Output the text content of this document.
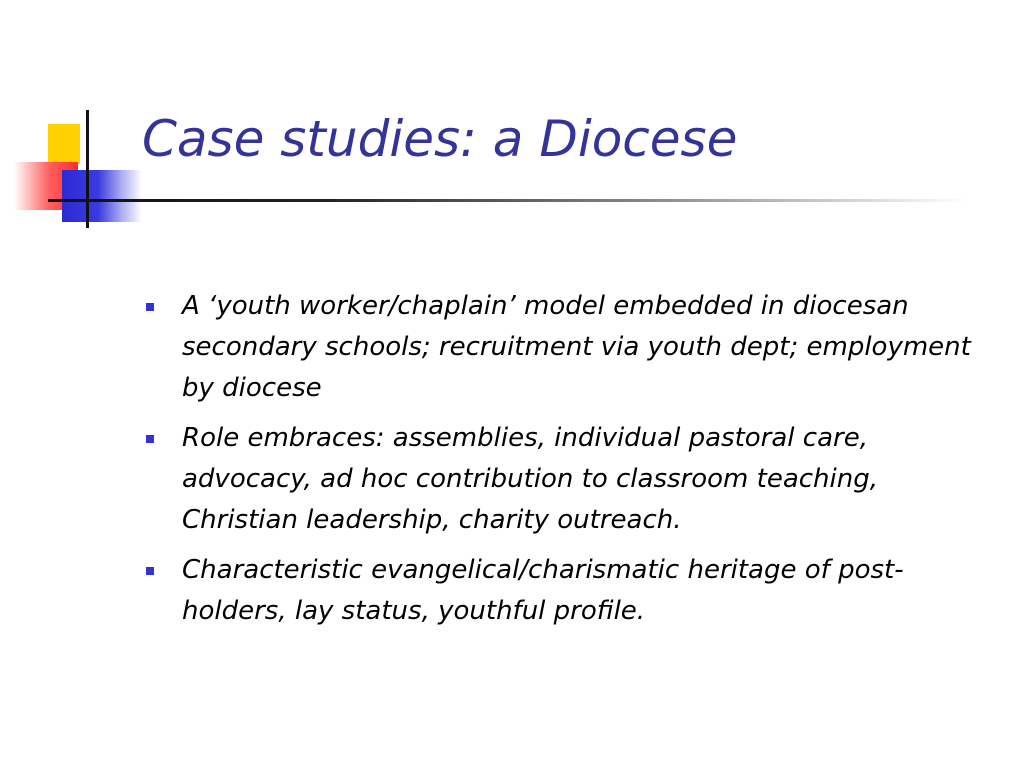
Case studies: a Diocese
A ‘youth worker/chaplain’ model embedded in diocesan secondary schools; recruitment via youth dept; employment by diocese
Role embraces: assemblies, individual pastoral care, advocacy, ad hoc contribution to classroom teaching, Christian leadership, charity outreach.
Characteristic evangelical/charismatic heritage of post-holders, lay status, youthful profile.
